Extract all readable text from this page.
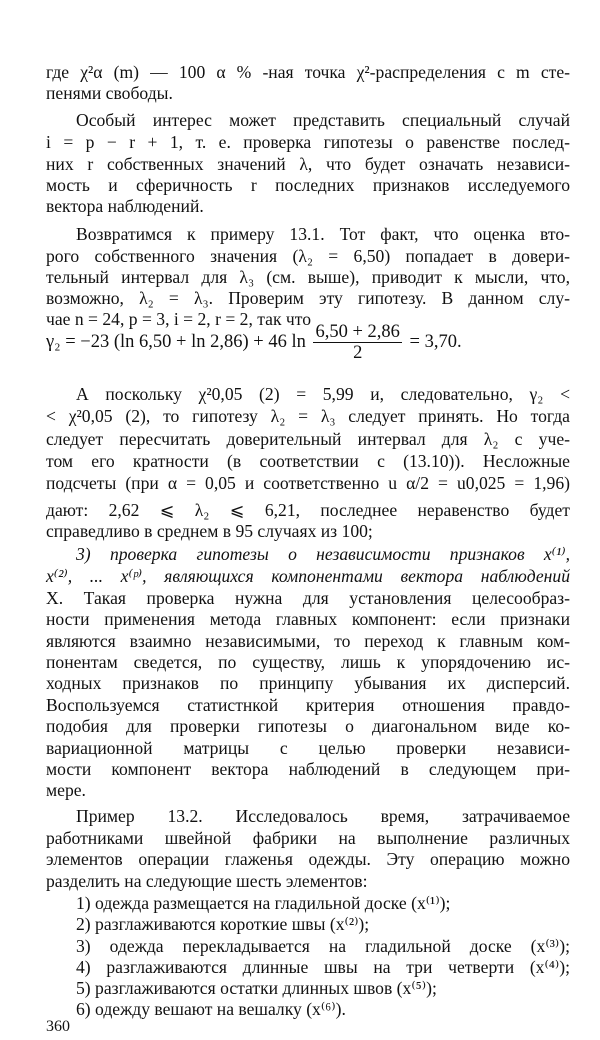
где χ²α (m) — 100 α % -ная точка χ²-распределения с m сте-
пенями свободы.
Особый интерес может представить специальный случай
i = p − r + 1, т. е. проверка гипотезы о равенстве послед-
них r собственных значений λ, что будет означать независи-
мость и сферичность r последних признаков исследуемого
вектора наблюдений.
Возвратимся к примеру 13.1. Тот факт, что оценка вто-
рого собственного значения (λ₂ = 6,50) попадает в довери-
тельный интервал для λ₃ (см. выше), приводит к мысли, что,
возможно, λ₂ = λ₃. Проверим эту гипотезу. В данном слу-
чае n = 24, p = 3, i = 2, r = 2, так что
γ₂ = −23 (ln 6,50 + ln 2,86) + 46 $\ln \frac{6,50 + 2,86}{2} = 3,70$.
А поскольку χ²0,05 (2) = 5,99 и, следовательно, γ₂ <
< χ²0,05 (2), то гипотезу λ₂ = λ₃ следует принять. Но тогда
следует пересчитать доверительный интервал для λ₂ с уче-
том его кратности (в соответствии с (13.10)). Несложные
подсчеты (при α = 0,05 и соответственно u α/2 = u0,025 = 1,96)
дают: 2,62 ⩽ λ₂ ⩽ 6,21, последнее неравенство будет
справедливо в среднем в 95 случаях из 100;
3) проверка гипотезы о независимости признаков x⁽¹⁾,
x⁽²⁾, ... x⁽ᵖ⁾, являющихся компонентами вектора наблюдений
X. Такая проверка нужна для установления целесообраз-
ности применения метода главных компонент: если признаки
являются взаимно независимыми, то переход к главным ком-
понентам сведется, по существу, лишь к упорядочению ис-
ходных признаков по принципу убывания их дисперсий.
Воспользуемся статистнкой критерия отношения правдо-
подобия для проверки гипотезы о диагональном виде ко-
вариационной матрицы с целью проверки независи-
мости компонент вектора наблюдений в следующем при-
мере.
Пример 13.2. Исследовалось время, затрачиваемое
работниками швейной фабрики на выполнение различных
элементов операции глаженья одежды. Эту операцию можно
разделить на следующие шесть элементов:
1) одежда размещается на гладильной доске (x⁽¹⁾);
2) разглаживаются короткие швы (x⁽²⁾);
3) одежда перекладывается на гладильной доске (x⁽³⁾);
4) разглаживаются длинные швы на три четверти (x⁽⁴⁾);
5) разглаживаются остатки длинных швов (x⁽⁵⁾);
6) одежду вешают на вешалку (x⁽⁶⁾).
360
